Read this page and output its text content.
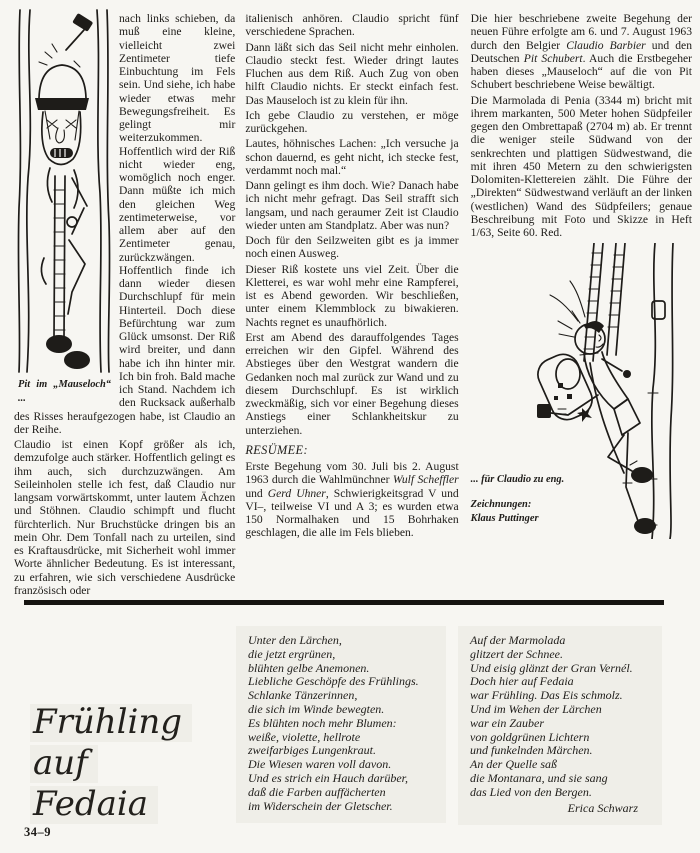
Pit im „Mauseloch“ ...

nach links schieben, da muß eine kleine, vielleicht zwei Zentimeter tiefe Einbuchtung im Fels sein. Und siehe, ich habe wieder etwas mehr Bewegungsfreiheit. Es gelingt mir weiterzukommen. Hoffentlich wird der Riß nicht wieder eng, womöglich noch enger. Dann müßte ich mich den gleichen Weg zentimeterweise, vor allem aber auf den Zentimeter genau, zurückzwängen. Hoffentlich finde ich dann wieder diesen Durchschlupf für mein Hinterteil. Doch diese Befürchtung war zum Glück umsonst. Der Riß wird breiter, und dann habe ich ihn hinter mir. Ich bin froh. Bald mache ich Stand. Nachdem ich den Rucksack außerhalb des Risses heraufgezogen habe, ist Claudio an der Reihe.

Claudio ist einen Kopf größer als ich, demzufolge auch stärker. Hoffentlich gelingt es ihm auch, sich durchzuzwängen. Am Seileinholen stelle ich fest, daß Claudio nur langsam vorwärtskommt, unter lautem Ächzen und Stöhnen. Claudio schimpft und flucht fürchterlich. Nur Bruchstücke dringen bis an mein Ohr. Dem Tonfall nach zu urteilen, sind es Kraftausdrücke, mit Sicherheit wohl immer Worte ähnlicher Bedeutung. Es ist interessant, zu erfahren, wie sich verschiedene Ausdrücke französisch oder

italienisch anhören. Claudio spricht fünf verschiedene Sprachen.
Dann läßt sich das Seil nicht mehr einholen. Claudio steckt fest. Wieder dringt lautes Fluchen aus dem Riß. Auch Zug von oben hilft Claudio nichts. Er steckt einfach fest. Das Mauseloch ist zu klein für ihn.
Ich gebe Claudio zu verstehen, er möge zurückgehen.
Lautes, höhnisches Lachen: „Ich versuche ja schon dauernd, es geht nicht, ich stecke fest, verdammt noch mal.“
Dann gelingt es ihm doch. Wie? Danach habe ich nicht mehr gefragt. Das Seil strafft sich langsam, und nach geraumer Zeit ist Claudio wieder unten am Standplatz. Aber was nun?
Doch für den Seilzweiten gibt es ja immer noch einen Ausweg.
Dieser Riß kostete uns viel Zeit. Über die Kletterei, es war wohl mehr eine Rampferei, ist es Abend geworden. Wir beschließen, unter einem Klemmblock zu biwakieren. Nachts regnet es unaufhörlich.
Erst am Abend des darauffolgendes Tages erreichen wir den Gipfel. Während des Abstieges über den Westgrat wandern die Gedanken noch mal zurück zur Wand und zu diesem Durchschlupf. Es ist wirklich zweckmäßig, sich vor einer Begehung dieses Anstiegs einer Schlankheitskur zu unterziehen.
RESÜMEE:

Erste Begehung vom 30. Juli bis 2. August 1963 durch die Wahlmünchner Wulf Scheffler und Gerd Uhner, Schwierigkeitsgrad V und VI–, teilweise VI und A 3; es wurden etwa 150 Normalhaken und 15 Bohrhaken geschlagen, die alle im Fels blieben.

Die hier beschriebene zweite Begehung der neuen Führe erfolgte am 6. und 7. August 1963 durch den Belgier Claudio Barbier und den Deutschen Pit Schubert. Auch die Erstbegeher haben dieses „Mauseloch“ auf die von Pit Schubert beschriebene Weise bewältigt.

Die Marmolada di Penia (3344 m) bricht mit ihrem markanten, 500 Meter hohen Südpfeiler gegen den Ombrettapaß (2704 m) ab. Er trennt die weniger steile Südwand von der senkrechten und plattigen Südwestwand, die mit ihren 450 Metern zu den schwierigsten Dolomiten-Klettereien zählt. Die Führe der „Direkten“ Südwestwand verläuft an der linken (westlichen) Wand des Südpfeilers; genaue Beschreibung mit Foto und Skizze in Heft 1/63, Seite 60. Red.

... für Claudio zu eng.
Zeichnungen:
Klaus Puttinger
Frühling
auf
Fedaia
Unter den Lärchen,
die jetzt ergrünen,
blühten gelbe Anemonen.
Liebliche Geschöpfe des Frühlings.
Schlanke Tänzerinnen,
die sich im Winde bewegten.
Es blühten noch mehr Blumen:
weiße, violette, hellrote
zweifarbiges Lungenkraut.
Die Wiesen waren voll davon.
Und es strich ein Hauch darüber,
daß die Farben auffächerten
im Widerschein der Gletscher.
Auf der Marmolada
glitzert der Schnee.
Und eisig glänzt der Gran Vernél.
Doch hier auf Fedaia
war Frühling. Das Eis schmolz.
Und im Wehen der Lärchen
war ein Zauber
von goldgrünen Lichtern
und funkelnden Märchen.
An der Quelle saß
die Montanara, und sie sang
das Lied von den Bergen.
Erica Schwarz
34–9
